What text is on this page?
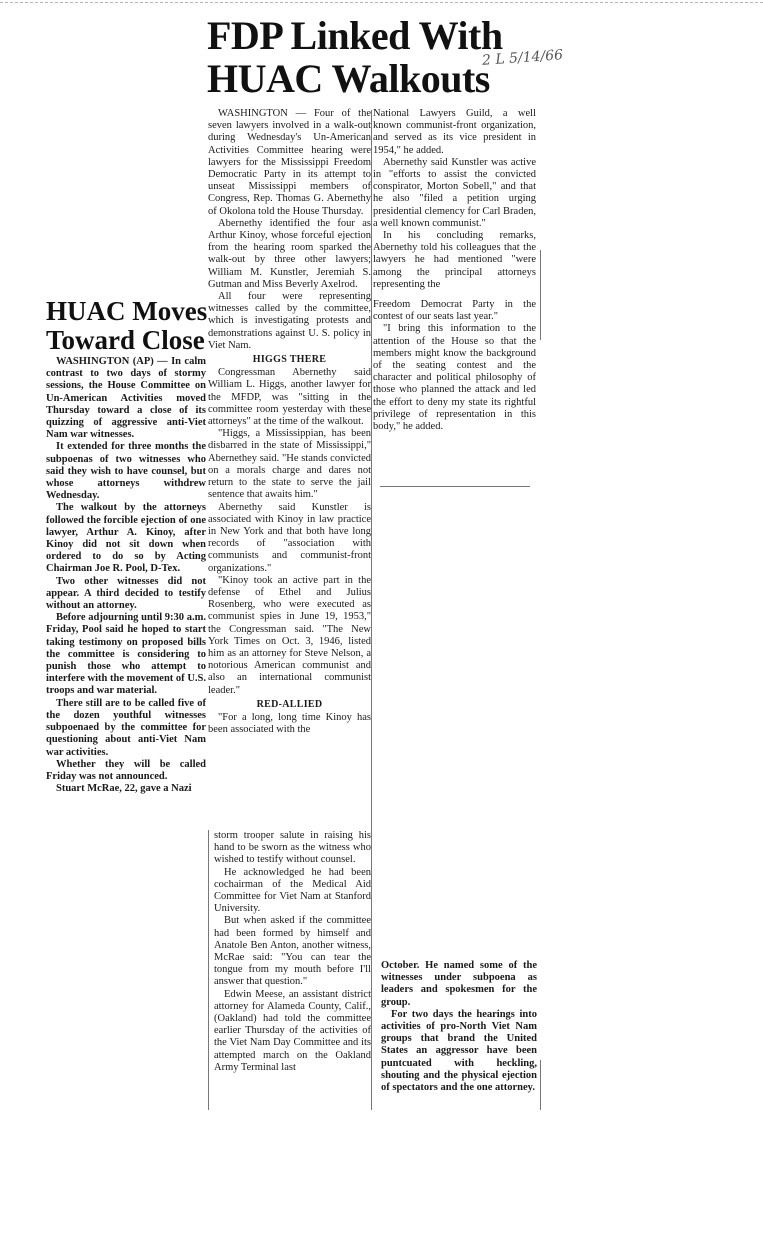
FDP Linked With
HUAC Walkouts
2 L 5/14/66

WASHINGTON — Four of the seven lawyers involved in a walk-out during Wednesday's Un-American Activities Committee hearing were lawyers for the Mississippi Freedom Democratic Party in its attempt to unseat Mississippi members of Congress, Rep. Thomas G. Abernethy of Okolona told the House Thursday.

Abernethy identified the four as Arthur Kinoy, whose forceful ejection from the hearing room sparked the walk-out by three other lawyers; William M. Kunstler, Jeremiah S. Gutman and Miss Beverly Axelrod.

All four were representing witnesses called by the committee, which is investigating protests and demonstrations against U. S. policy in Viet Nam.

HIGGS THERE

Congressman Abernethy said William L. Higgs, another lawyer for the MFDP, was "sitting in the committee room yesterday with these attorneys" at the time of the walkout.

"Higgs, a Mississippian, has been disbarred in the state of Mississippi," Abernethey said. "He stands convicted on a morals charge and dares not return to the state to serve the jail sentence that awaits him."

Abernethy said Kunstler is associated with Kinoy in law practice in New York and that both have long records of "association with communists and communist-front organizations."

"Kinoy took an active part in the defense of Ethel and Julius Rosenberg, who were executed as communist spies in June 19, 1953," the Congressman said. "The New York Times on Oct. 3, 1946, listed him as an attorney for Steve Nelson, a notorious American communist and also an international communist leader."

RED-ALLIED

"For a long, long time Kinoy has been associated with the

National Lawyers Guild, a well known communist-front organization, and served as its vice president in 1954," he added.

Abernethy said Kunstler was active in "efforts to assist the convicted conspirator, Morton Sobell," and that he also "filed a petition urging presidential clemency for Carl Braden, a well known communist."

In his concluding remarks, Abernethy told his colleagues that the lawyers he had mentioned "were among the principal attorneys representing the

Freedom Democrat Party in the contest of our seats last year."

"I bring this information to the attention of the House so that the members might know the background of the seating contest and the character and political philosophy of those who planned the attack and led the effort to deny my state its rightful privilege of representation in this body," he added.

HUAC Moves
Toward Close

WASHINGTON (AP) — In calm contrast to two days of stormy sessions, the House Committee on Un-American Activities moved Thursday toward a close of its quizzing of aggressive anti-Viet Nam war witnesses.

It extended for three months the subpoenas of two witnesses who said they wish to have counsel, but whose attorneys withdrew Wednesday.

The walkout by the attorneys followed the forcible ejection of one lawyer, Arthur A. Kinoy, after Kinoy did not sit down when ordered to do so by Acting Chairman Joe R. Pool, D-Tex.

Two other witnesses did not appear. A third decided to testify without an attorney.

Before adjourning until 9:30 a.m. Friday, Pool said he hoped to start taking testimony on proposed bills the committee is considering to punish those who attempt to interfere with the movement of U.S. troops and war material.

There still are to be called five of the dozen youthful witnesses subpoenaed by the committee for questioning about anti-Viet Nam war activities.

Whether they will be called Friday was not announced.

Stuart McRae, 22, gave a Nazi

storm trooper salute in raising his hand to be sworn as the witness who wished to testify without counsel.

He acknowledged he had been cochairman of the Medical Aid Committee for Viet Nam at Stanford University.

But when asked if the committee had been formed by himself and Anatole Ben Anton, another witness, McRae said: "You can tear the tongue from my mouth before I'll answer that question."

Edwin Meese, an assistant district attorney for Alameda County, Calif., (Oakland) had told the committee earlier Thursday of the activities of the Viet Nam Day Committee and its attempted march on the Oakland Army Terminal last

October. He named some of the witnesses under subpoena as leaders and spokesmen for the group.

For two days the hearings into activities of pro-North Viet Nam groups that brand the United States an aggressor have been puntcuated with heckling, shouting and the physical ejection of spectators and the one attorney.
